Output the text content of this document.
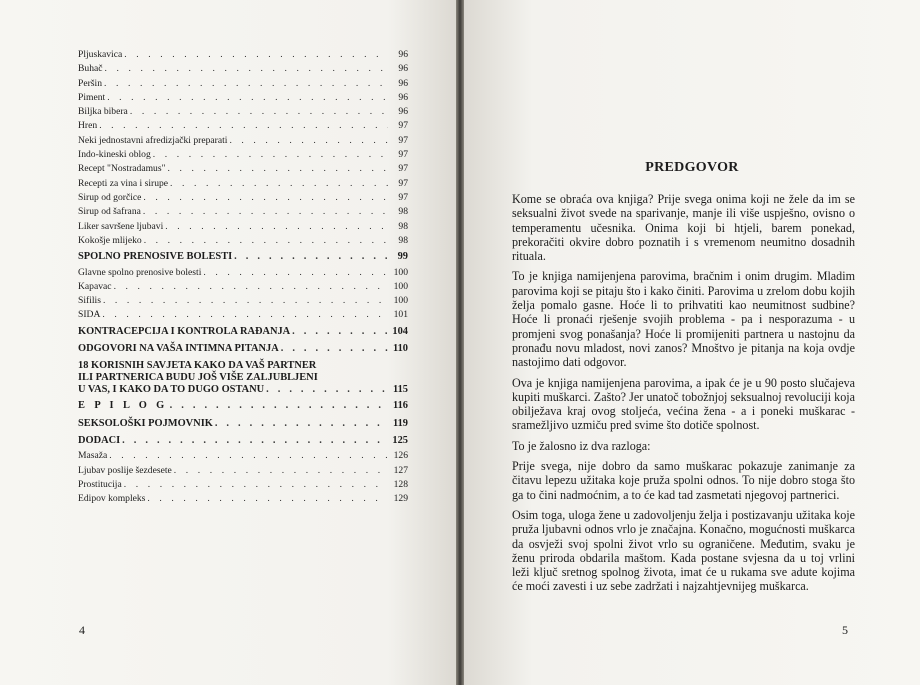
Pljuskavica . . .	96
Buhač . . .	96
Peršin . . .	96
Piment . . .	96
Biljka bibera . . .	96
Hren . . .	97
Neki jednostavni afredizjački preparati . . .	97
Indo-kineski oblog . . .	97
Recept "Nostradamus" . . .	97
Recepti za vina i sirupe . . .	97
Sirup od gorčice . . .	97
Sirup od šafrana . . .	98
Liker savršene ljubavi . . .	98
Kokošje mlijeko . . .	98
SPOLNO PRENOSIVE BOLESTI . . .	99
Glavne spolno prenosive bolesti . . .	100
Kapavac . . .	100
Sifilis . . .	100
SIDA . . .	101
KONTRACEPCIJA I KONTROLA RAĐANJA . . .	104
ODGOVORI NA VAŠA INTIMNA PITANJA . . .	110
18 KORISNIH SAVJETA KAKO DA VAŠ PARTNER
ILI PARTNERICA BUDU JOŠ VIŠE ZALJUBLJENI
U VAS, I KAKO DA TO DUGO OSTANU . . .	115
E P I L O G . . .	116
SEKSOLOŠKI POJMOVNIK . . .	119
DODACI . . .	125
Masaža . . .	126
Ljubav poslije šezdesete . . .	127
Prostitucija . . .	128
Edipov kompleks . . .	129
4
PREDGOVOR

Kome se obraća ova knjiga? Prije svega onima koji ne žele da im se seksualni život svede na sparivanje, manje ili više uspješno, ovisno o temperamentu učesnika. Onima koji bi htjeli, barem ponekad, prekoračiti okvire dobro poznatih i s vremenom neumitno dosadnih rituala.

To je knjiga namijenjena parovima, bračnim i onim drugim. Mladim parovima koji se pitaju što i kako činiti. Parovima u zrelom dobu kojih želja pomalo gasne. Hoće li to prihvatiti kao neumitnost sudbine? Hoće li pronaći rješenje svojih problema - pa i nesporazuma - u promjeni svog ponašanja? Hoće li promijeniti partnera u nastojnu da pronađu novu mladost, novi zanos? Mnoštvo je pitanja na koja ovdje nastojimo dati odgovor.

Ova je knjiga namijenjena parovima, a ipak će je u 90 posto slučajeva kupiti muškarci. Zašto? Jer unatoč tobožnjoj seksualnoj revoluciji koja obilježava kraj ovog stoljeća, većina žena - a i poneki muškarac - sramežljivo uzmiču pred svime što dotiče spolnost.

To je žalosno iz dva razloga:

Prije svega, nije dobro da samo muškarac pokazuje zanimanje za čitavu lepezu užitaka koje pruža spolni odnos. To nije dobro stoga što ga to čini nadmoćnim, a to će kad tad zasmetati njegovoj partnerici.

Osim toga, uloga žene u zadovoljenju želja i postizavanju užitaka koje pruža ljubavni odnos vrlo je značajna. Konačno, mogućnosti muškarca da osvježi svoj spolni život vrlo su ograničene. Međutim, svaku je ženu priroda obdarila maštom. Kada postane svjesna da u toj vrlini leži ključ sretnog spolnog života, imat će u rukama sve adute kojima će moći zavesti i uz sebe zadržati i najzahtjevnijeg muškarca.

5
